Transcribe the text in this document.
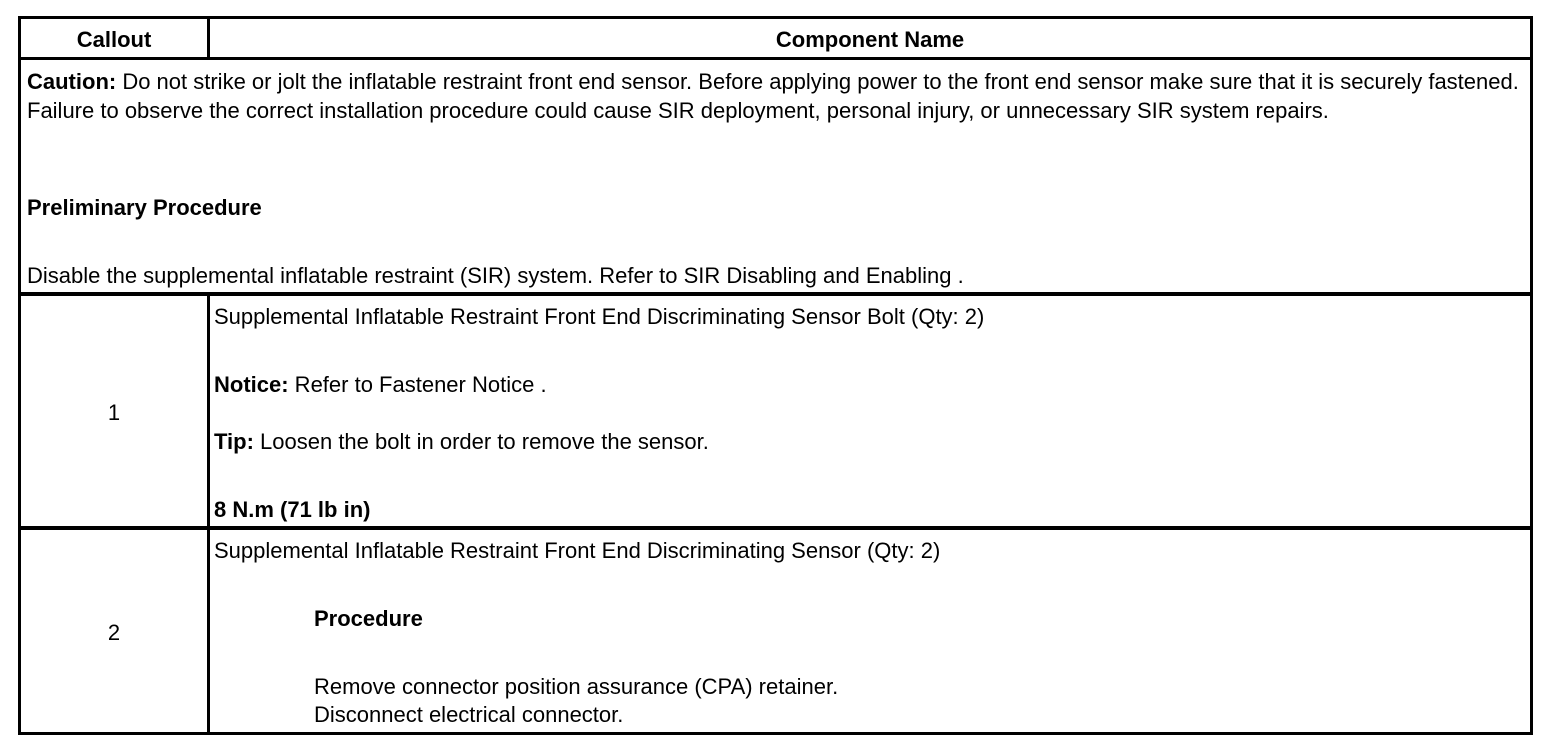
Callout	Component Name
Caution: Do not strike or jolt the inflatable restraint front end sensor. Before applying power to the front end sensor make sure that it is securely fastened. Failure to observe the correct installation procedure could cause SIR deployment, personal injury, or unnecessary SIR system repairs.
Preliminary Procedure
Disable the supplemental inflatable restraint (SIR) system. Refer to SIR Disabling and Enabling .
1
Supplemental Inflatable Restraint Front End Discriminating Sensor Bolt (Qty: 2)
Notice: Refer to Fastener Notice .
Tip: Loosen the bolt in order to remove the sensor.
8 N.m (71 lb in)
2
Supplemental Inflatable Restraint Front End Discriminating Sensor (Qty: 2)
Procedure
Remove connector position assurance (CPA) retainer.
Disconnect electrical connector.
